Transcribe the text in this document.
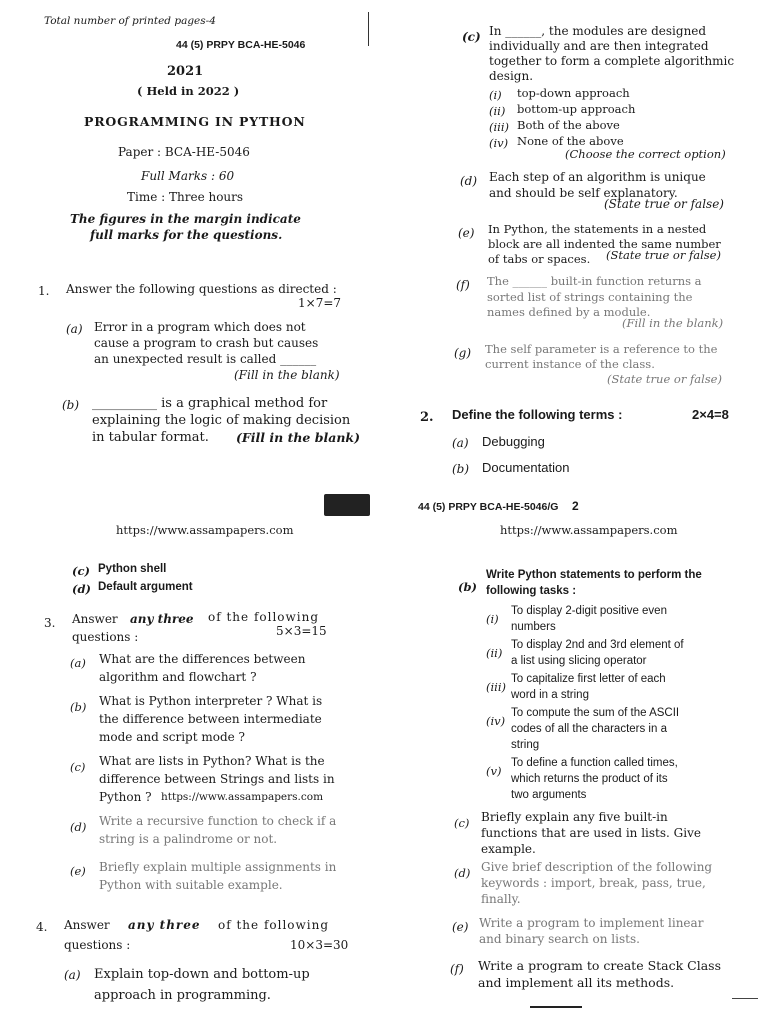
Total number of printed pages-4
44 (5) PRPY BCA-HE-5046
2021
( Held in 2022 )
PROGRAMMING IN PYTHON
Paper : BCA-HE-5046
Full Marks : 60
Time : Three hours
The figures in the margin indicate
full marks for the questions.
1. Answer the following questions as directed :
1×7=7
(a) Error in a program which does not
cause a program to crash but causes
an unexpected result is called ______
(Fill in the blank)
(b) __________ is a graphical method for
explaining the logic of making decision
in tabular format. (Fill in the blank)
(c) In ______, the modules are designed
individually and are then integrated
together to form a complete algorithmic
design.
(i) top-down approach
(ii) bottom-up approach
(iii) Both of the above
(iv) None of the above
(Choose the correct option)
(d) Each step of an algorithm is unique
and should be self explanatory.
(State true or false)
(e) In Python, the statements in a nested
block are all indented the same number
of tabs or spaces. (State true or false)
(f) The ______ built-in function returns a
sorted list of strings containing the
names defined by a module.
(Fill in the blank)
(g) The self parameter is a reference to the
current instance of the class.
(State true or false)
2. Define the following terms :	2×4=8
(a) Debugging
(b) Documentation
44 (5) PRPY BCA-HE-5046/G 2
https://www.assampapers.com	https://www.assampapers.com
(c) Python shell
(d) Default argument
3. Answer any three of the following
questions :	5×3=15
(a) What are the differences between
algorithm and flowchart ?
(b) What is Python interpreter ? What is
the difference between intermediate
mode and script mode ?
(c) What are lists in Python? What is the
difference between Strings and lists in
Python ? https://www.assampapers.com
(d) Write a recursive function to check if a
string is a palindrome or not.
(e) Briefly explain multiple assignments in
Python with suitable example.
4. Answer any three of the following
questions :	10×3=30
(a) Explain top-down and bottom-up
approach in programming.
(b)
Write Python statements to perform the
following tasks :
(i)
To display 2-digit positive even
numbers
(ii)
To display 2nd and 3rd element of
a list using slicing operator
(iii)
To capitalize first letter of each
word in a string
(iv)
To compute the sum of the ASCII
codes of all the characters in a
string
(v)
To define a function called times,
which returns the product of its
two arguments
(c) Briefly explain any five built-in
functions that are used in lists. Give
example.
(d) Give brief description of the following
keywords : import, break, pass, true,
finally.
(e) Write a program to implement linear
and binary search on lists.
(f) Write a program to create Stack Class
and implement all its methods.
